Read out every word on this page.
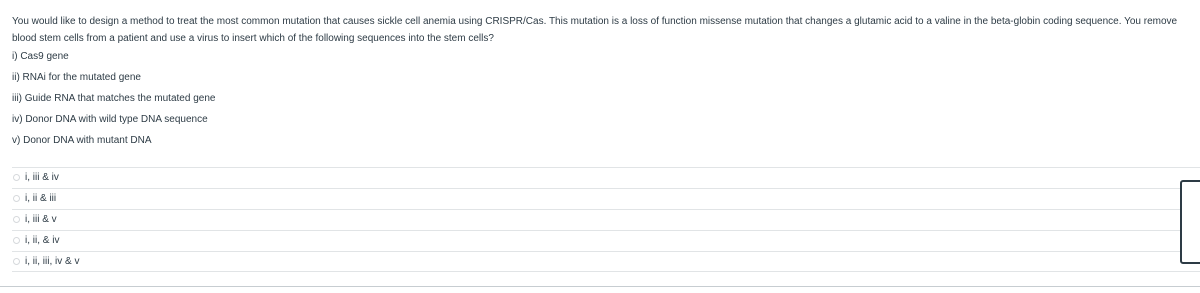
You would like to design a method to treat the most common mutation that causes sickle cell anemia using CRISPR/Cas. This mutation is a loss of function missense mutation that changes a glutamic acid to a valine in the beta-globin coding sequence. You remove blood stem cells from a patient and use a virus to insert which of the following sequences into the stem cells?

i) Cas9 gene
ii) RNAi for the mutated gene
iii) Guide RNA that matches the mutated gene
iv) Donor DNA with wild type DNA sequence
v) Donor DNA with mutant DNA
i, iii & iv
i, ii & iii
i, iii & v
i, ii, & iv
i, ii, iii, iv & v
